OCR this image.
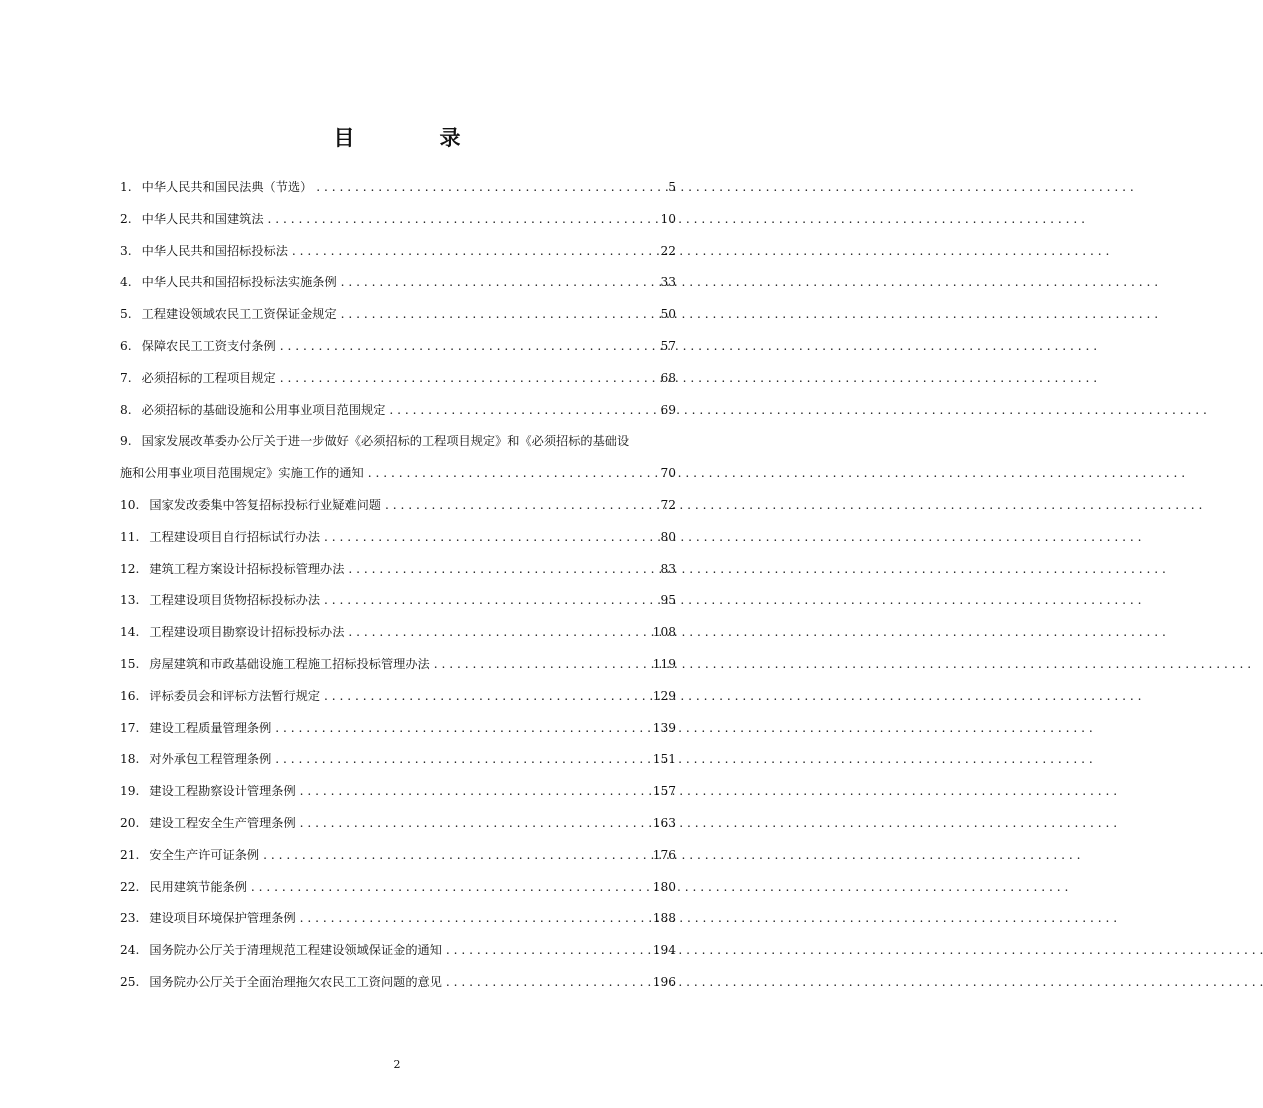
目　录
1. 中华人民共和国民法典（节选） . . .	5
2. 中华人民共和国建筑法 . . .	10
3. 中华人民共和国招标投标法 . . .	22
4. 中华人民共和国招标投标法实施条例 . . .	33
5. 工程建设领域农民工工资保证金规定 . . .	50
6. 保障农民工工资支付条例 . . .	57
7. 必须招标的工程项目规定 . . .	68
8. 必须招标的基础设施和公用事业项目范围规定 . . .	69
9. 国家发展改革委办公厅关于进一步做好《必须招标的工程项目规定》和《必须招标的基础设
施和公用事业项目范围规定》实施工作的通知 . . .	70
10. 国家发改委集中答复招标投标行业疑难问题 . . .	72
11. 工程建设项目自行招标试行办法 . . .	80
12. 建筑工程方案设计招标投标管理办法 . . .	83
13. 工程建设项目货物招标投标办法 . . .	95
14. 工程建设项目勘察设计招标投标办法 . . .	108
15. 房屋建筑和市政基础设施工程施工招标投标管理办法 . . .	119
16. 评标委员会和评标方法暂行规定 . . .	129
17. 建设工程质量管理条例 . . .	139
18. 对外承包工程管理条例 . . .	151
19. 建设工程勘察设计管理条例 . . .	157
20. 建设工程安全生产管理条例 . . .	163
21. 安全生产许可证条例 . . .	176
22. 民用建筑节能条例 . . .	180
23. 建设项目环境保护管理条例 . . .	188
24. 国务院办公厅关于清理规范工程建设领域保证金的通知 . . .	194
25. 国务院办公厅关于全面治理拖欠农民工工资问题的意见 . . .	196
2
